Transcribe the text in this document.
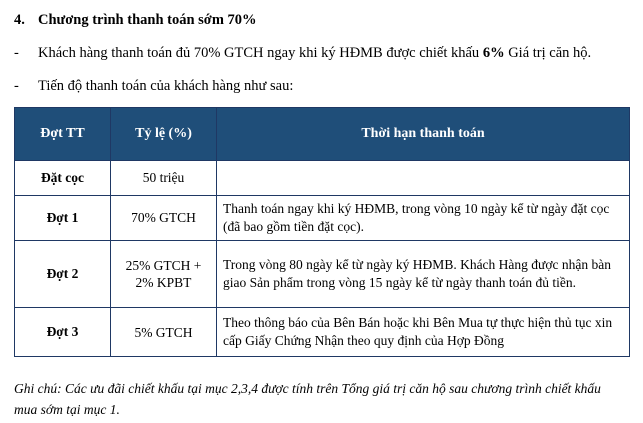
4. Chương trình thanh toán sớm 70%
-	Khách hàng thanh toán đủ 70% GTCH ngay khi ký HĐMB được chiết khấu 6% Giá trị căn hộ.
-	Tiến độ thanh toán của khách hàng như sau:
Đợt TT	Tỷ lệ (%)	Thời hạn thanh toán
Đặt cọc	50 triệu	
Đợt 1	70% GTCH	Thanh toán ngay khi ký HĐMB, trong vòng 10 ngày kể từ ngày đặt cọc (đã bao gồm tiền đặt cọc).
Đợt 2	25% GTCH + 2% KPBT	Trong vòng 80 ngày kể từ ngày ký HĐMB. Khách Hàng được nhận bàn giao Sản phẩm trong vòng 15 ngày kể từ ngày thanh toán đủ tiền.
Đợt 3	5% GTCH	Theo thông báo của Bên Bán hoặc khi Bên Mua tự thực hiện thủ tục xin cấp Giấy Chứng Nhận theo quy định của Hợp Đồng
Ghi chú: Các ưu đãi chiết khấu tại mục 2,3,4 được tính trên Tổng giá trị căn hộ sau chương trình chiết khấu mua sớm tại mục 1.
